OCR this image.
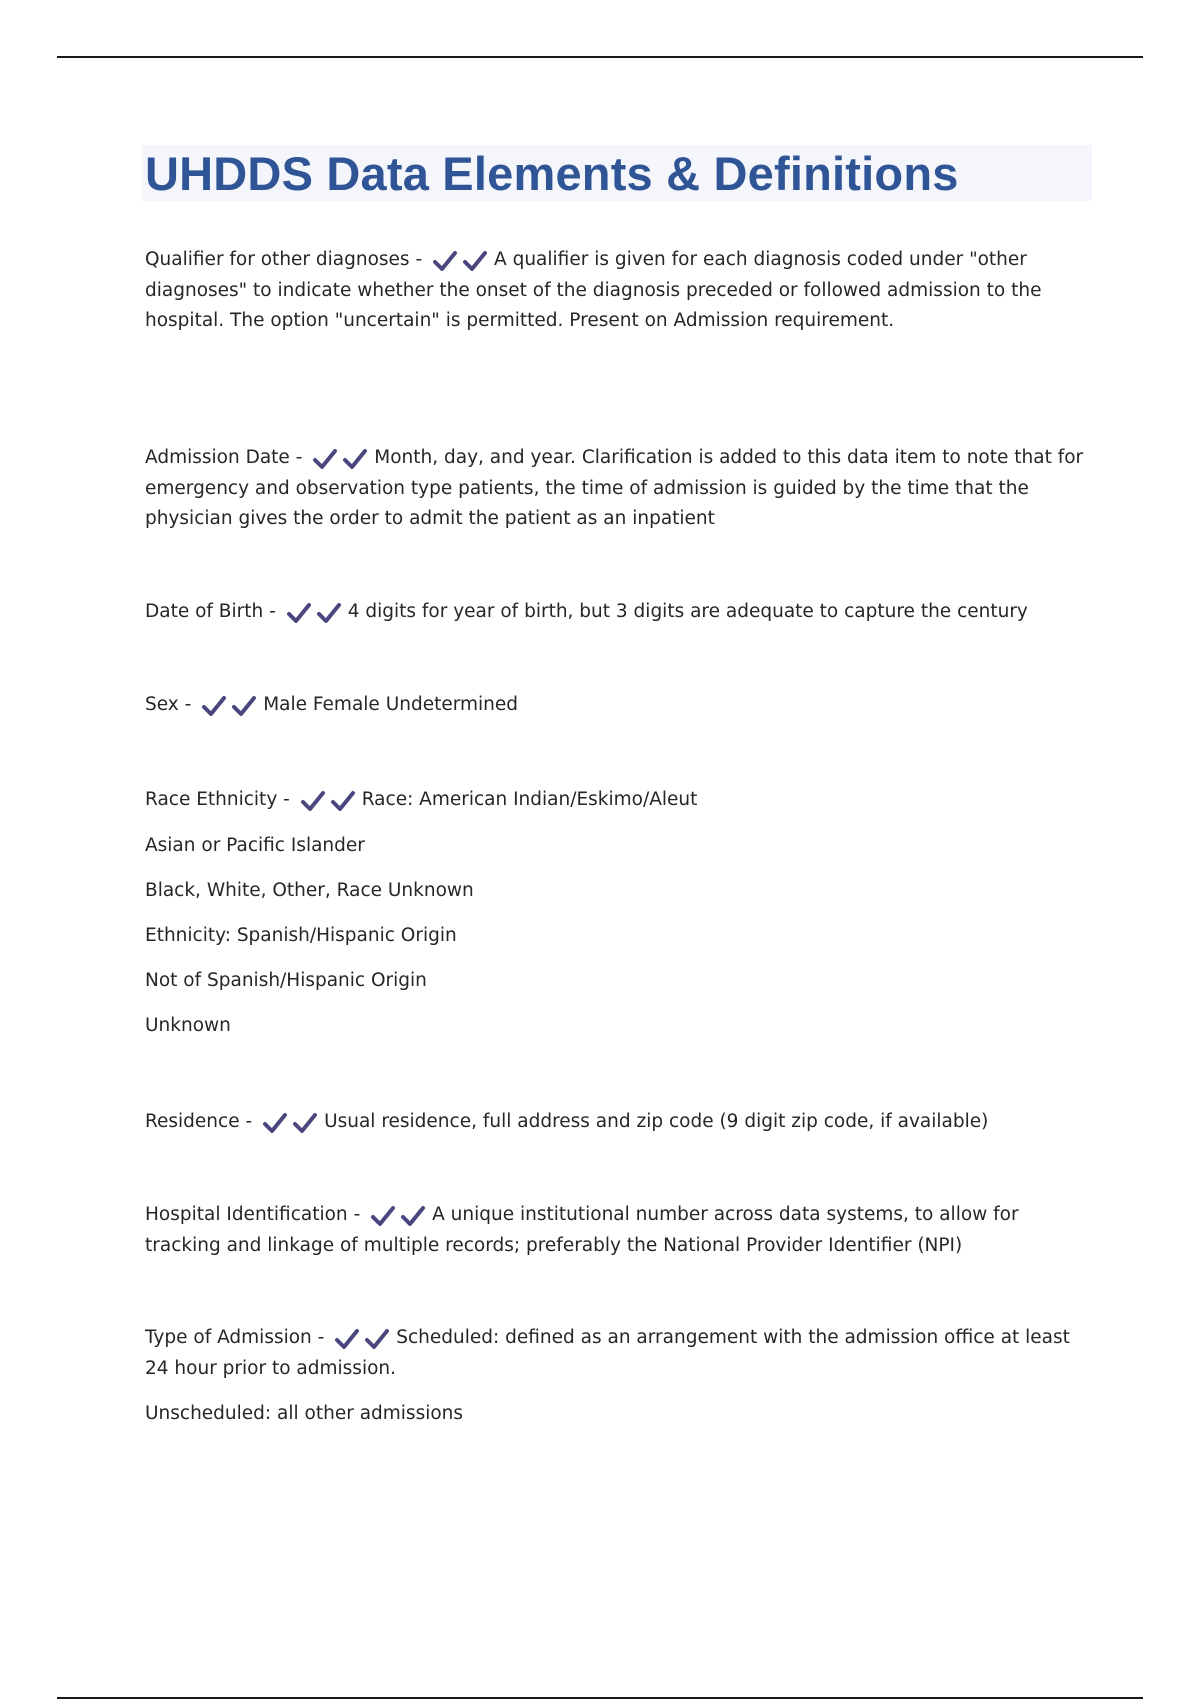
UHDDS Data Elements & Definitions

Qualifier for other diagnoses -	A qualifier is given for each diagnosis coded under "other diagnoses" to indicate whether the onset of the diagnosis preceded or followed admission to the hospital. The option "uncertain" is permitted. Present on Admission requirement.

Admission Date -	Month, day, and year. Clarification is added to this data item to note that for emergency and observation type patients, the time of admission is guided by the time that the physician gives the order to admit the patient as an inpatient

Date of Birth -	4 digits for year of birth, but 3 digits are adequate to capture the century

Sex -	Male Female Undetermined

Race Ethnicity -	Race: American Indian/Eskimo/Aleut

Asian or Pacific Islander

Black, White, Other, Race Unknown

Ethnicity: Spanish/Hispanic Origin

Not of Spanish/Hispanic Origin

Unknown

Residence -	Usual residence, full address and zip code (9 digit zip code, if available)

Hospital Identification -	A unique institutional number across data systems, to allow for tracking and linkage of multiple records; preferably the National Provider Identifier (NPI)

Type of Admission -	Scheduled: defined as an arrangement with the admission office at least 24 hour prior to admission.

Unscheduled: all other admissions
